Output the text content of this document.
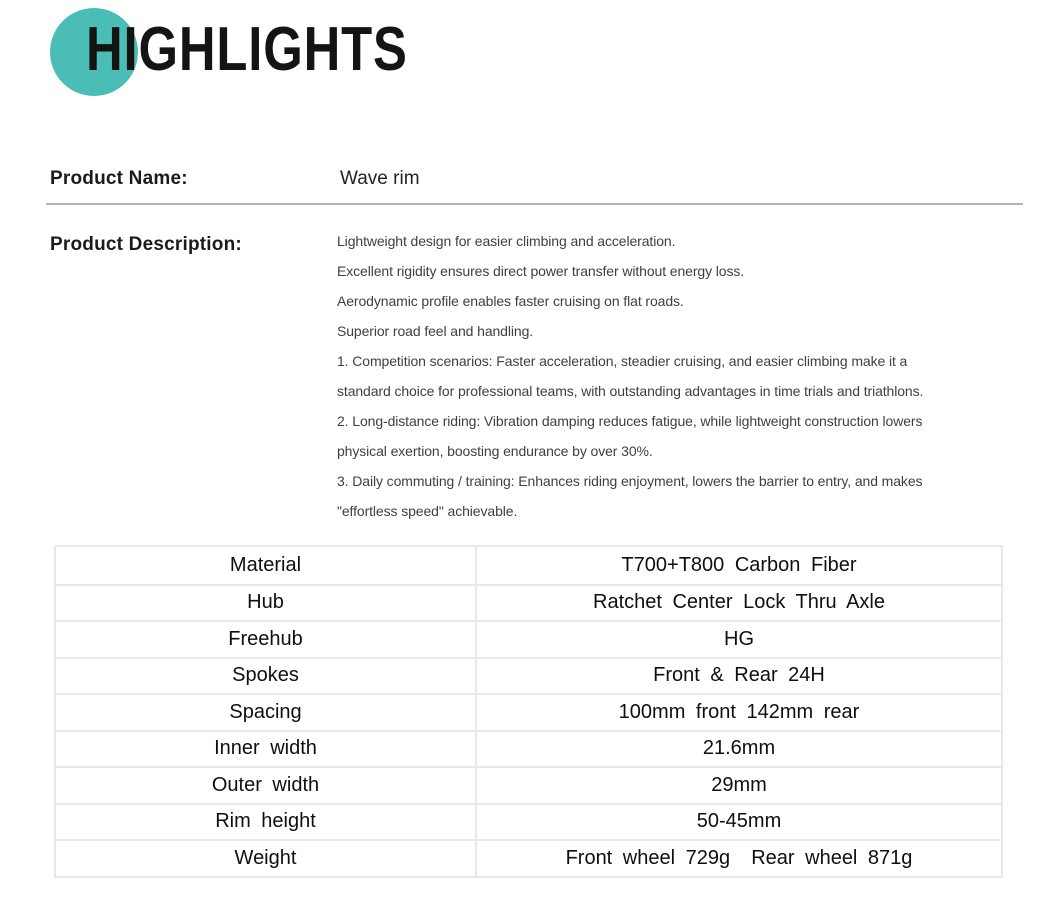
HIGHLIGHTS
Product Name:	Wave rim
Product Description:	Lightweight design for easier climbing and acceleration.
Excellent rigidity ensures direct power transfer without energy loss.
Aerodynamic profile enables faster cruising on flat roads.
Superior road feel and handling.
1. Competition scenarios: Faster acceleration, steadier cruising, and easier climbing make it a
standard choice for professional teams, with outstanding advantages in time trials and triathlons.
2. Long-distance riding: Vibration damping reduces fatigue, while lightweight construction lowers
physical exertion, boosting endurance by over 30%.
3. Daily commuting / training: Enhances riding enjoyment, lowers the barrier to entry, and makes
"effortless speed" achievable.
Material	T700+T800 Carbon Fiber
Hub	Ratchet Center Lock Thru Axle
Freehub	HG
Spokes	Front & Rear 24H
Spacing	100mm front 142mm rear
Inner width	21.6mm
Outer width	29mm
Rim height	50-45mm
Weight	Front wheel 729g  Rear wheel 871g
